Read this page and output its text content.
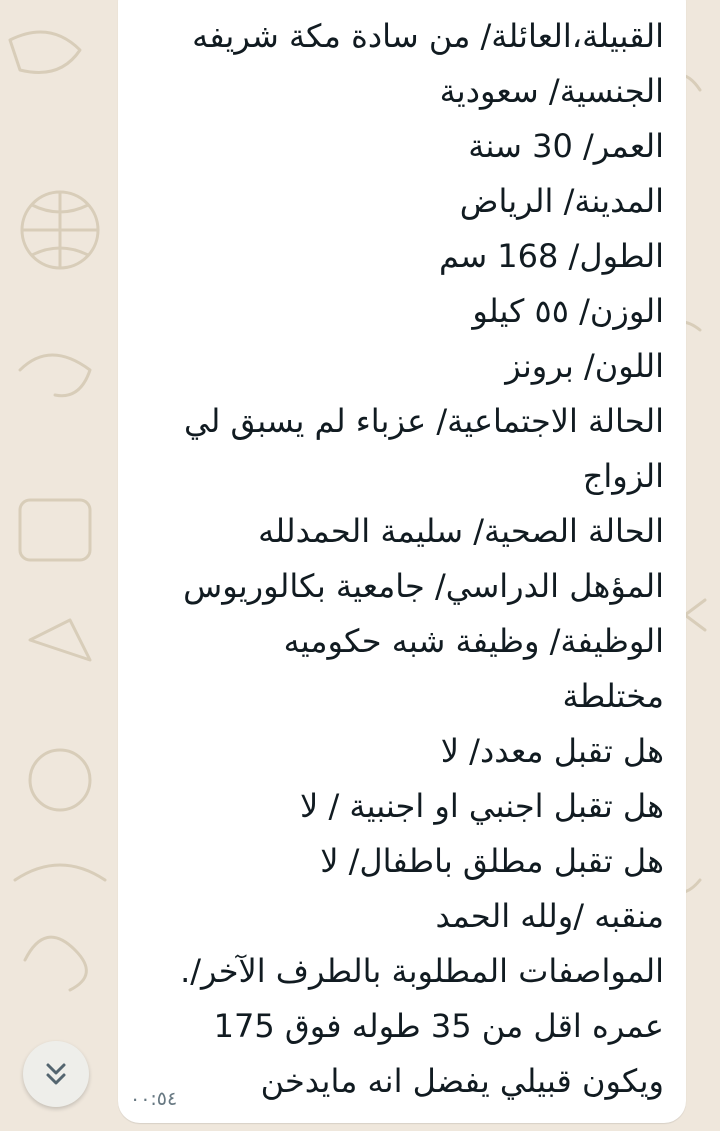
القبيلة،العائلة/ من سادة مكة شريفه
الجنسية/ سعودية
العمر/ 30 سنة
المدينة/ الرياض
الطول/ 168 سم
الوزن/ ٥٥ كيلو
اللون/ برونز
الحالة الاجتماعية/ عزباء لم يسبق لي
الزواج
الحالة الصحية/ سليمة الحمدلله
المؤهل الدراسي/ جامعية بكالوريوس
الوظيفة/ وظيفة شبه حكوميه
مختلطة
هل تقبل معدد/ لا
هل تقبل اجنبي او اجنبية / لا
هل تقبل مطلق باطفال/ لا
منقبه /ولله الحمد
المواصفات المطلوبة بالطرف الآخر/.
عمره اقل من 35 طوله فوق 175
ويكون قبيلي يفضل انه مايدخن
٠٠:٥٤
